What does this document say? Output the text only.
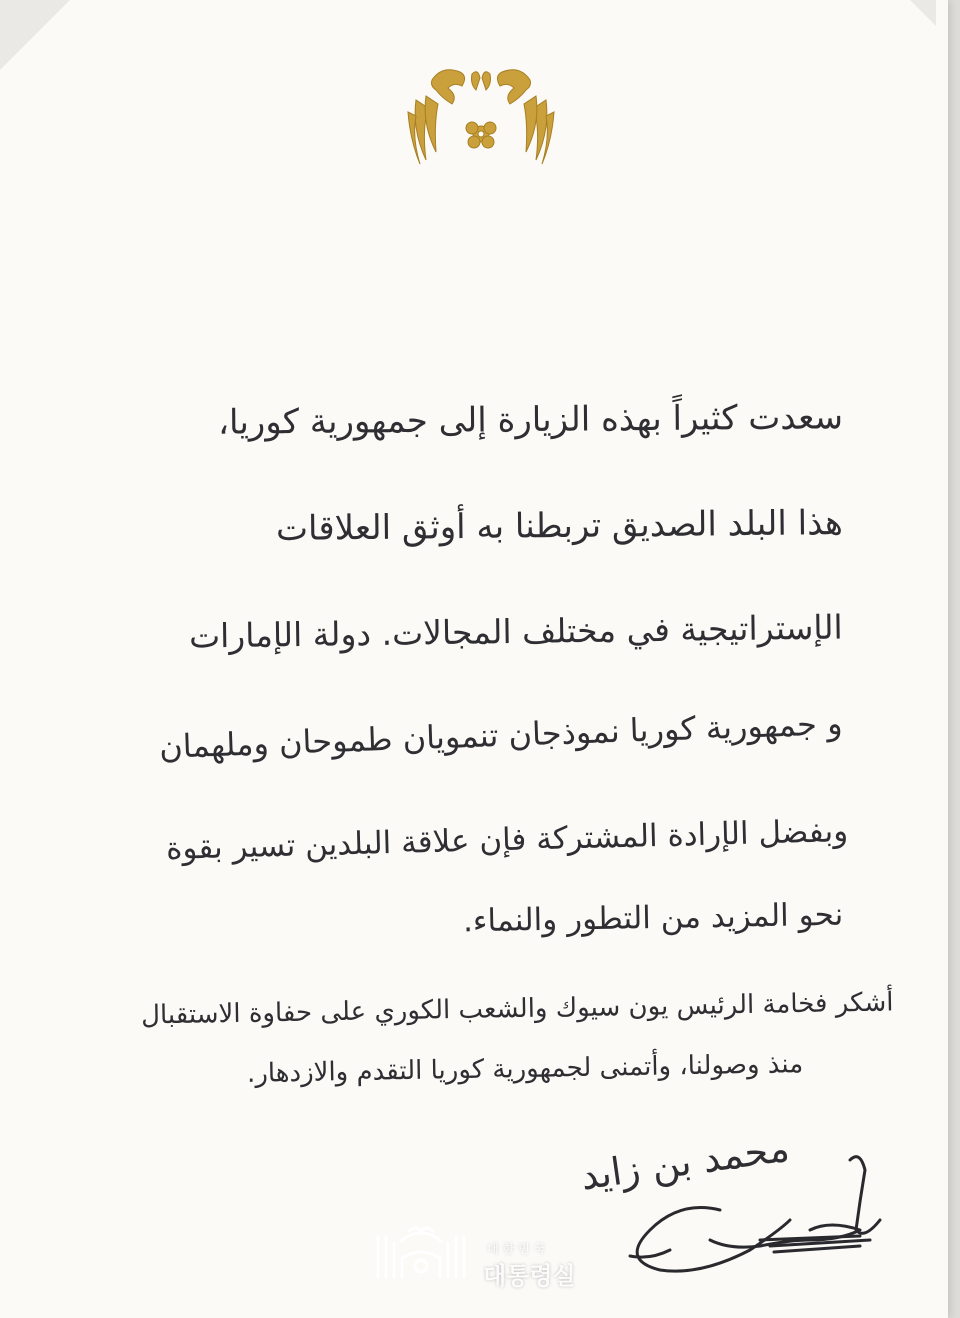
سعدت كثيراً بهذه الزيارة إلى جمهورية كوريا،
هذا البلد الصديق تربطنا به أوثق العلاقات
الإستراتيجية في مختلف المجالات. دولة الإمارات
و جمهورية كوريا نموذجان تنمويان طموحان وملهمان
وبفضل الإرادة المشتركة فإن علاقة البلدين تسير بقوة
نحو المزيد من التطور والنماء.
أشكر فخامة الرئيس يون سيوك والشعب الكوري على حفاوة الاستقبال
منذ وصولنا، وأتمنى لجمهورية كوريا التقدم والازدهار.
محمد بن زايد
대한민국
대통령실
